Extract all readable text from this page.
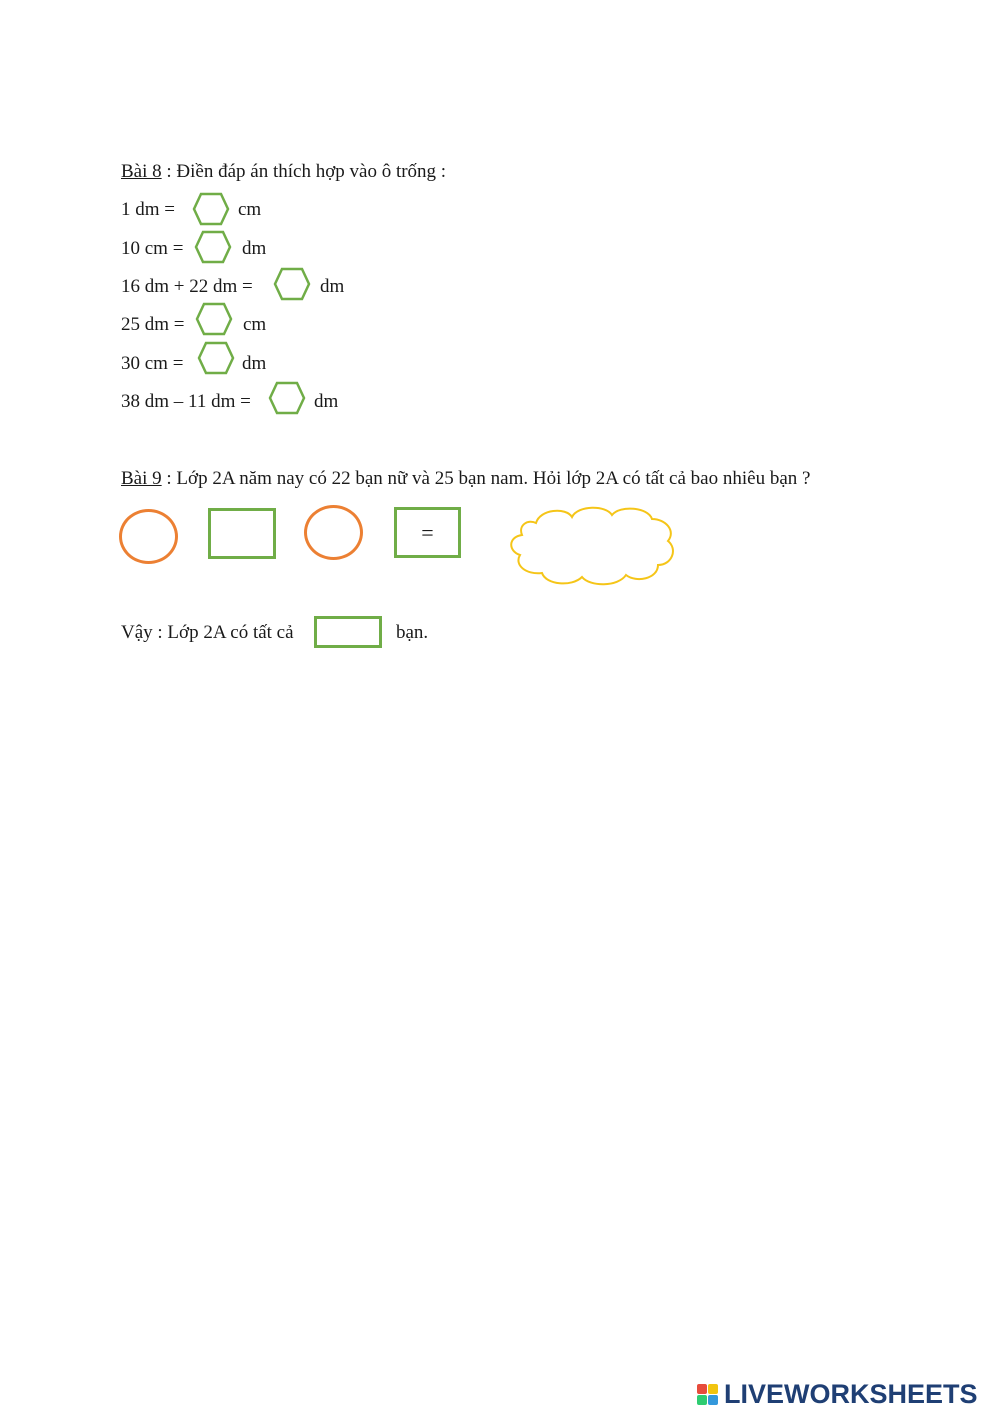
Bài 8 : Điền đáp án thích hợp vào ô trống :
1 dm =	cm
10 cm =	dm
16 dm + 22 dm =	dm
25 dm =	cm
30 cm =	dm
38 dm – 11 dm =	dm
Bài 9 : Lớp 2A năm nay có 22 bạn nữ và 25 bạn nam. Hỏi lớp 2A có tất cả bao nhiêu bạn ?
=
Vậy : Lớp 2A có tất cả	bạn.
LIVEWORKSHEETS
